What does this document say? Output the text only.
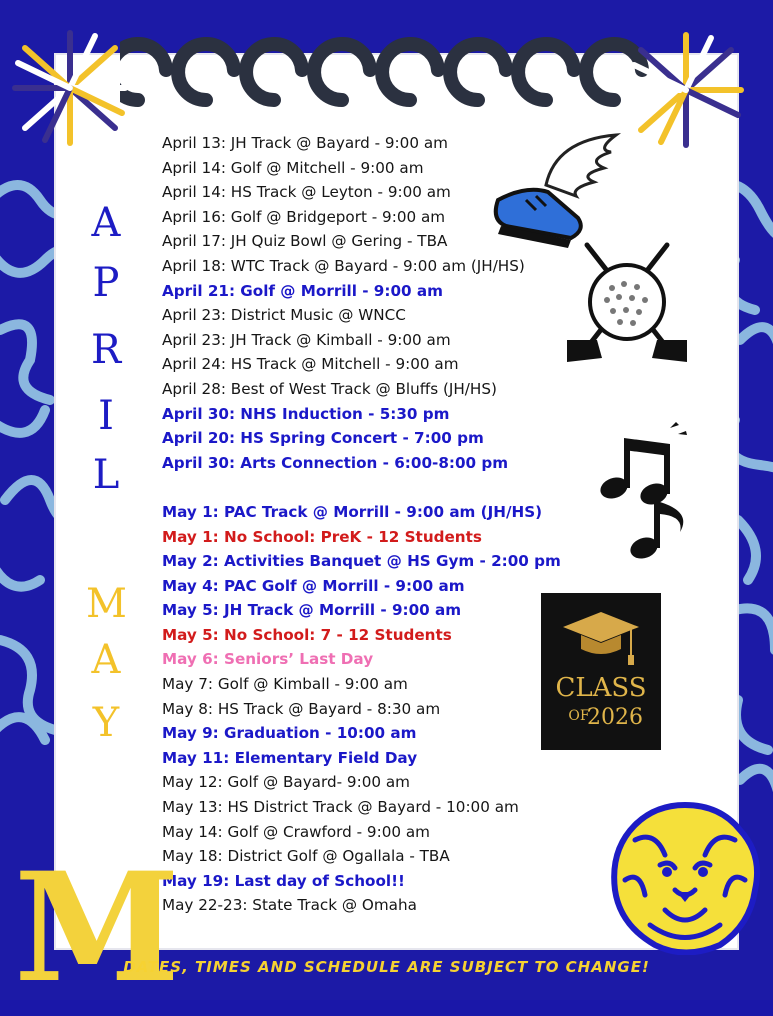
A
P
R
I
L
M
A
Y
April 13: JH Track @ Bayard - 9:00 am
April 14: Golf @ Mitchell - 9:00 am
April 14: HS Track @ Leyton - 9:00 am
April 16: Golf @ Bridgeport - 9:00 am
April 17: JH Quiz Bowl @ Gering - TBA
April 18: WTC Track @ Bayard - 9:00 am (JH/HS)
April 21: Golf @ Morrill - 9:00 am
April 23: District Music @ WNCC
April 23: JH Track @ Kimball - 9:00 am
April 24: HS Track @ Mitchell - 9:00 am
April 28: Best of West Track @ Bluffs (JH/HS)
April 30: NHS Induction - 5:30 pm
April 20: HS Spring Concert - 7:00 pm
April 30: Arts Connection - 6:00-8:00 pm
May 1: PAC Track @ Morrill - 9:00 am (JH/HS)
May 1: No School: PreK - 12 Students
May 2: Activities Banquet @ HS Gym - 2:00 pm
May 4: PAC Golf @ Morrill - 9:00 am
May 5: JH Track @ Morrill - 9:00 am
May 5: No School: 7 - 12 Students
May 6: Seniors’ Last Day
May 7: Golf @ Kimball - 9:00 am
May 8: HS Track @ Bayard - 8:30 am
May 9: Graduation - 10:00 am
May 11: Elementary Field Day
May 12: Golf @ Bayard- 9:00 am
May 13: HS District Track @ Bayard - 10:00 am
May 14: Golf @ Crawford - 9:00 am
May 18: District Golf @ Ogallala - TBA
May 19: Last day of School!!
May 22-23: State Track @ Omaha
CLASS
OF
2026
M
DATES, TIMES AND SCHEDULE ARE SUBJECT TO CHANGE!
